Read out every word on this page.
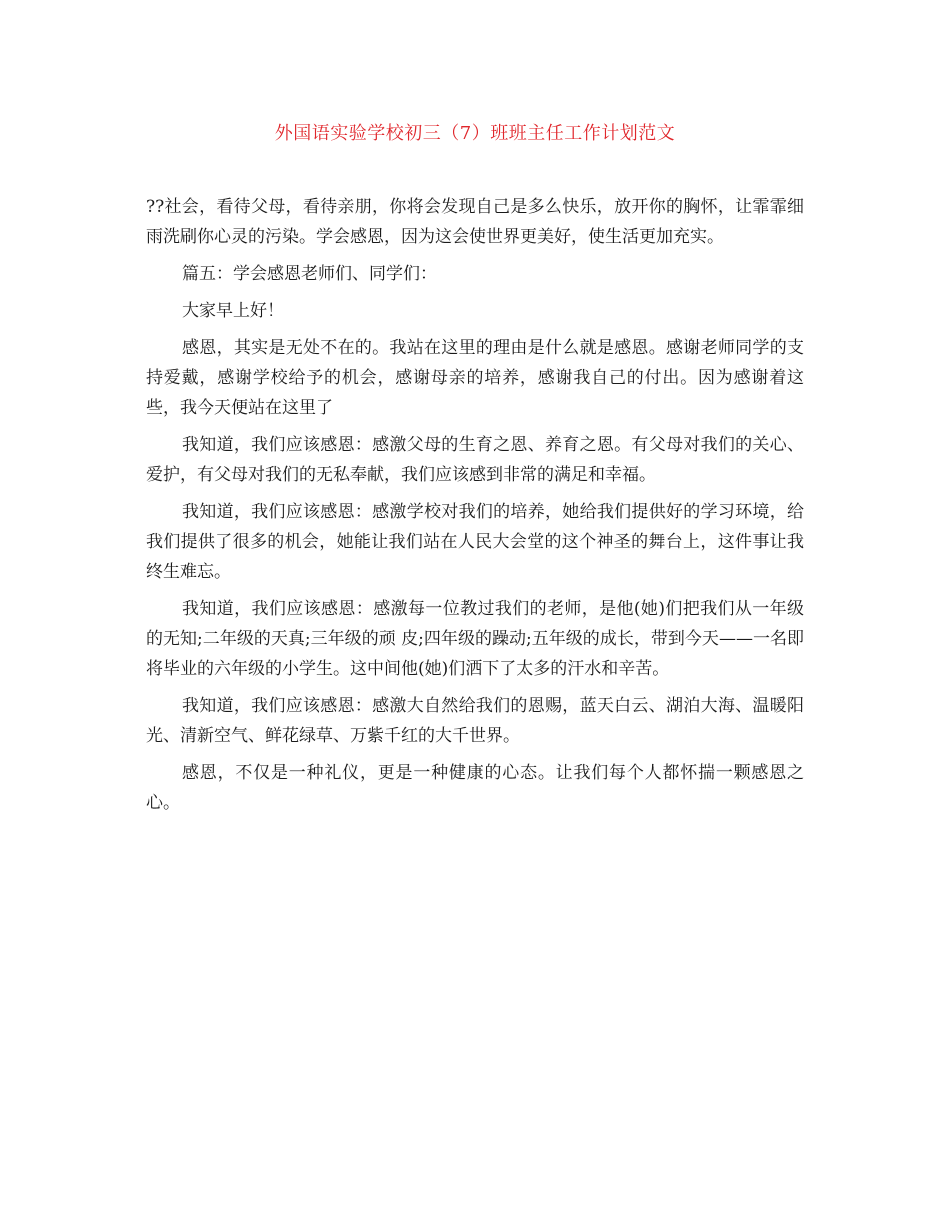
外国语实验学校初三（7）班班主任工作计划范文

??社会，看待父母，看待亲朋，你将会发现自己是多么快乐，放开你的胸怀，让霏霏细雨洗刷你心灵的污染。学会感恩，因为这会使世界更美好，使生活更加充实。

篇五：学会感恩老师们、同学们：

大家早上好！

感恩，其实是无处不在的。我站在这里的理由是什么就是感恩。感谢老师同学的支持爱戴，感谢学校给予的机会，感谢母亲的培养，感谢我自己的付出。因为感谢着这些，我今天便站在这里了

我知道，我们应该感恩：感激父母的生育之恩、养育之恩。有父母对我们的关心、爱护，有父母对我们的无私奉献，我们应该感到非常的满足和幸福。

我知道，我们应该感恩：感激学校对我们的培养，她给我们提供好的学习环境，给我们提供了很多的机会，她能让我们站在人民大会堂的这个神圣的舞台上，这件事让我终生难忘。

我知道，我们应该感恩：感激每一位教过我们的老师，是他(她)们把我们从一年级的无知;二年级的天真;三年级的顽 皮;四年级的躁动;五年级的成长，带到今天——一名即将毕业的六年级的小学生。这中间他(她)们洒下了太多的汗水和辛苦。

我知道，我们应该感恩：感激大自然给我们的恩赐，蓝天白云、湖泊大海、温暖阳光、清新空气、鲜花绿草、万紫千红的大千世界。

感恩，不仅是一种礼仪，更是一种健康的心态。让我们每个人都怀揣一颗感恩之心。
